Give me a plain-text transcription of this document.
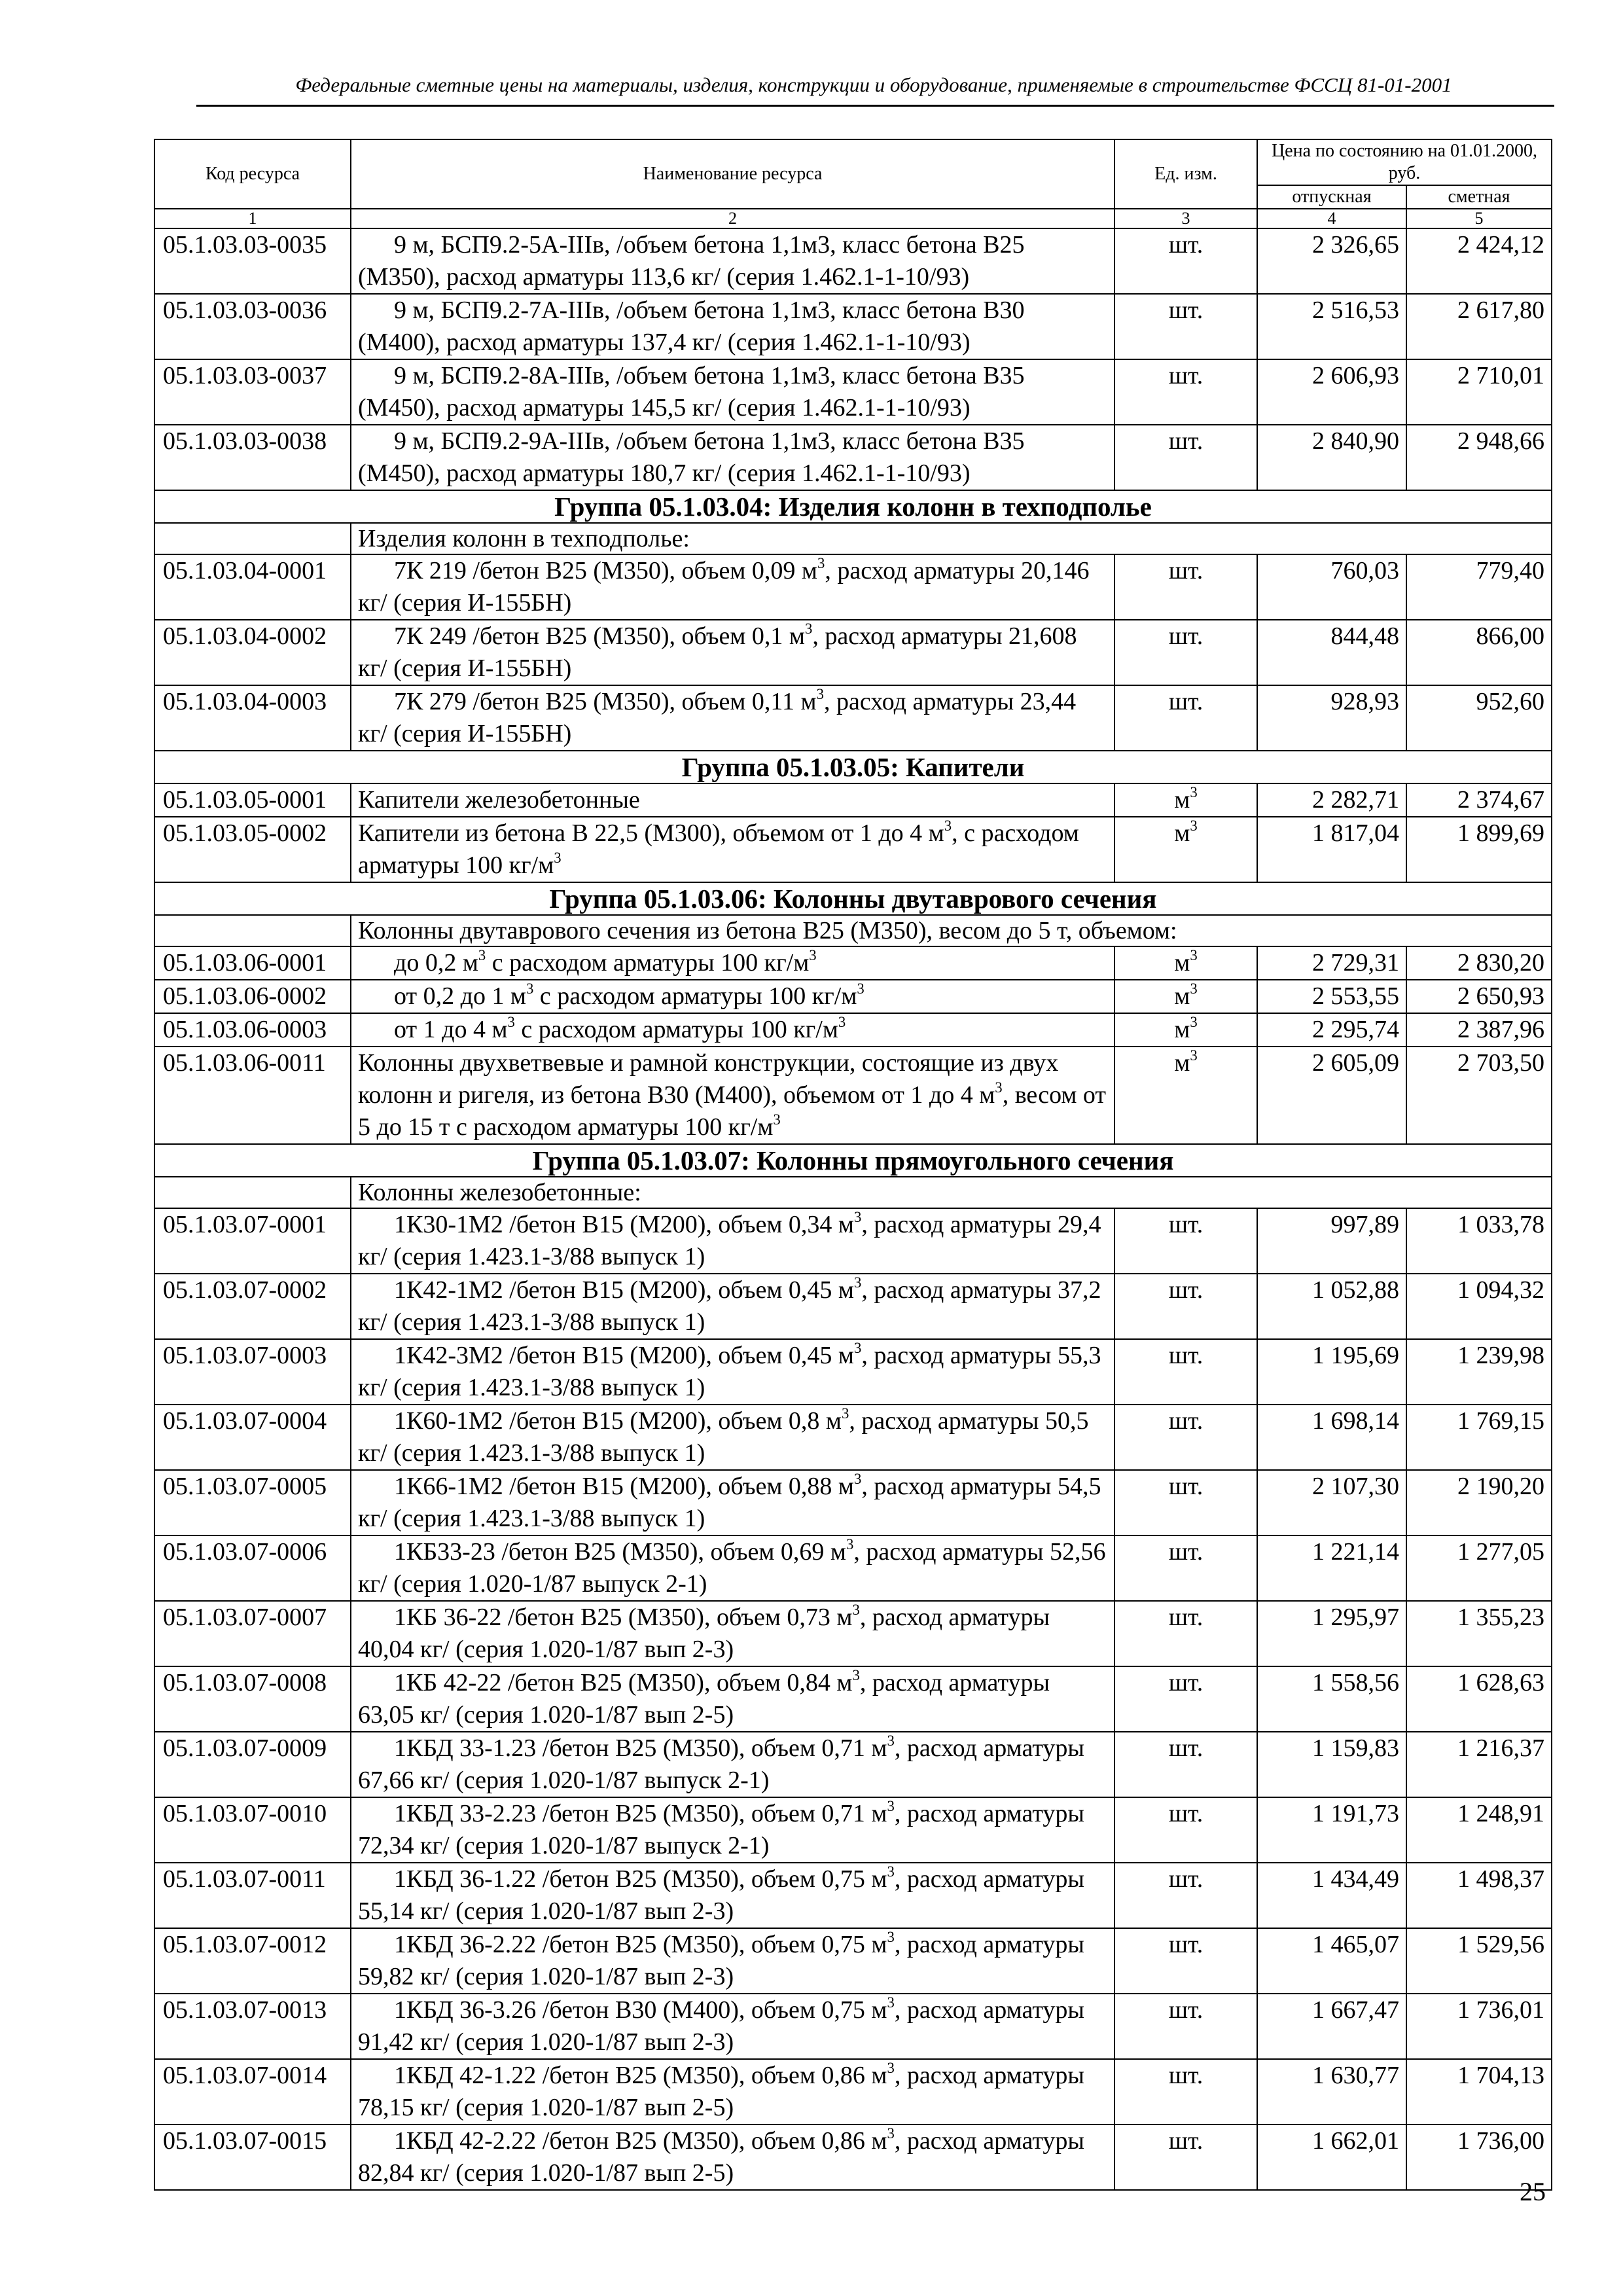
Федеральные сметные цены на материалы, изделия, конструкции и оборудование, применяемые в строительстве ФССЦ 81-01-2001
Код ресурса	Наименование ресурса	Ед. изм.	Цена по состоянию на 01.01.2000, руб.	
			отпускная	сметная
1	2	3	4	5
05.1.03.03-0035	9 м, БСП9.2-5А-IIIв, /объем бетона 1,1м3, класс бетона В25 (М350), расход арматуры 113,6 кг/ (серия 1.462.1-1-10/93)	шт.	2 326,65	2 424,12
05.1.03.03-0036	9 м, БСП9.2-7А-IIIв, /объем бетона 1,1м3, класс бетона В30 (М400), расход арматуры 137,4 кг/ (серия 1.462.1-1-10/93)	шт.	2 516,53	2 617,80
05.1.03.03-0037	9 м, БСП9.2-8А-IIIв, /объем бетона 1,1м3, класс бетона В35 (М450), расход арматуры 145,5 кг/ (серия 1.462.1-1-10/93)	шт.	2 606,93	2 710,01
05.1.03.03-0038	9 м, БСП9.2-9А-IIIв, /объем бетона 1,1м3, класс бетона В35 (М450), расход арматуры 180,7 кг/ (серия 1.462.1-1-10/93)	шт.	2 840,90	2 948,66
Группа 05.1.03.04: Изделия колонн в техподполье				
	Изделия колонн в техподполье:			
05.1.03.04-0001	7К 219 /бетон В25 (М350), объем 0,09 $м^3$, расход арматуры 20,146 кг/ (серия И-155БН)	шт.	760,03	779,40
05.1.03.04-0002	7К 249 /бетон В25 (М350), объем 0,1 $м^3$, расход арматуры 21,608 кг/ (серия И-155БН)	шт.	844,48	866,00
05.1.03.04-0003	7К 279 /бетон В25 (М350), объем 0,11 $м^3$, расход арматуры 23,44 кг/ (серия И-155БН)	шт.	928,93	952,60
Группа 05.1.03.05: Капители				
05.1.03.05-0001	Капители железобетонные	$м^3$	2 282,71	2 374,67
05.1.03.05-0002	Капители из бетона В 22,5 (М300), объемом от 1 до 4 $м^3$, с расходом арматуры 100 $кг/м^3$	$м^3$	1 817,04	1 899,69
Группа 05.1.03.06: Колонны двутаврового сечения				
	Колонны двутаврового сечения из бетона В25 (М350), весом до 5 т, объемом:			
05.1.03.06-0001	до 0,2 $м^3$ с расходом арматуры 100 $кг/м^3$	$м^3$	2 729,31	2 830,20
05.1.03.06-0002	от 0,2 до 1 $м^3$ с расходом арматуры 100 $кг/м^3$	$м^3$	2 553,55	2 650,93
05.1.03.06-0003	от 1 до 4 $м^3$ с расходом арматуры 100 $кг/м^3$	$м^3$	2 295,74	2 387,96
05.1.03.06-0011	Колонны двухветвевые и рамной конструкции, состоящие из двух колонн и ригеля, из бетона В30 (М400), объемом от 1 до 4 $м^3$, весом от 5 до 15 т с расходом арматуры 100 $кг/м^3$	$м^3$	2 605,09	2 703,50
Группа 05.1.03.07: Колонны прямоугольного сечения				
	Колонны железобетонные:			
05.1.03.07-0001	1К30-1М2 /бетон В15 (М200), объем 0,34 $м^3$, расход арматуры 29,4 кг/ (серия 1.423.1-3/88 выпуск 1)	шт.	997,89	1 033,78
05.1.03.07-0002	1К42-1М2 /бетон В15 (М200), объем 0,45 $м^3$, расход арматуры 37,2 кг/ (серия 1.423.1-3/88 выпуск 1)	шт.	1 052,88	1 094,32
05.1.03.07-0003	1К42-3М2 /бетон В15 (М200), объем 0,45 $м^3$, расход арматуры 55,3 кг/ (серия 1.423.1-3/88 выпуск 1)	шт.	1 195,69	1 239,98
05.1.03.07-0004	1К60-1М2 /бетон В15 (М200), объем 0,8 $м^3$, расход арматуры 50,5 кг/ (серия 1.423.1-3/88 выпуск 1)	шт.	1 698,14	1 769,15
05.1.03.07-0005	1К66-1М2 /бетон В15 (М200), объем 0,88 $м^3$, расход арматуры 54,5 кг/ (серия 1.423.1-3/88 выпуск 1)	шт.	2 107,30	2 190,20
05.1.03.07-0006	1КБ33-23 /бетон В25 (М350), объем 0,69 $м^3$, расход арматуры 52,56 кг/ (серия 1.020-1/87 выпуск 2-1)	шт.	1 221,14	1 277,05
05.1.03.07-0007	1КБ 36-22 /бетон В25 (М350), объем 0,73 $м^3$, расход арматуры 40,04 кг/ (серия 1.020-1/87 вып 2-3)	шт.	1 295,97	1 355,23
05.1.03.07-0008	1КБ 42-22 /бетон В25 (М350), объем 0,84 $м^3$, расход арматуры 63,05 кг/ (серия 1.020-1/87 вып 2-5)	шт.	1 558,56	1 628,63
05.1.03.07-0009	1КБД 33-1.23 /бетон В25 (М350), объем 0,71 $м^3$, расход арматуры 67,66 кг/ (серия 1.020-1/87 выпуск 2-1)	шт.	1 159,83	1 216,37
05.1.03.07-0010	1КБД 33-2.23 /бетон В25 (М350), объем 0,71 $м^3$, расход арматуры 72,34 кг/ (серия 1.020-1/87 выпуск 2-1)	шт.	1 191,73	1 248,91
05.1.03.07-0011	1КБД 36-1.22 /бетон В25 (М350), объем 0,75 $м^3$, расход арматуры 55,14 кг/ (серия 1.020-1/87 вып 2-3)	шт.	1 434,49	1 498,37
05.1.03.07-0012	1КБД 36-2.22 /бетон В25 (М350), объем 0,75 $м^3$, расход арматуры 59,82 кг/ (серия 1.020-1/87 вып 2-3)	шт.	1 465,07	1 529,56
05.1.03.07-0013	1КБД 36-3.26 /бетон В30 (М400), объем 0,75 $м^3$, расход арматуры 91,42 кг/ (серия 1.020-1/87 вып 2-3)	шт.	1 667,47	1 736,01
05.1.03.07-0014	1КБД 42-1.22 /бетон В25 (М350), объем 0,86 $м^3$, расход арматуры 78,15 кг/ (серия 1.020-1/87 вып 2-5)	шт.	1 630,77	1 704,13
05.1.03.07-0015	1КБД 42-2.22 /бетон В25 (М350), объем 0,86 $м^3$, расход арматуры 82,84 кг/ (серия 1.020-1/87 вып 2-5)	шт.	1 662,01	1 736,00
25
